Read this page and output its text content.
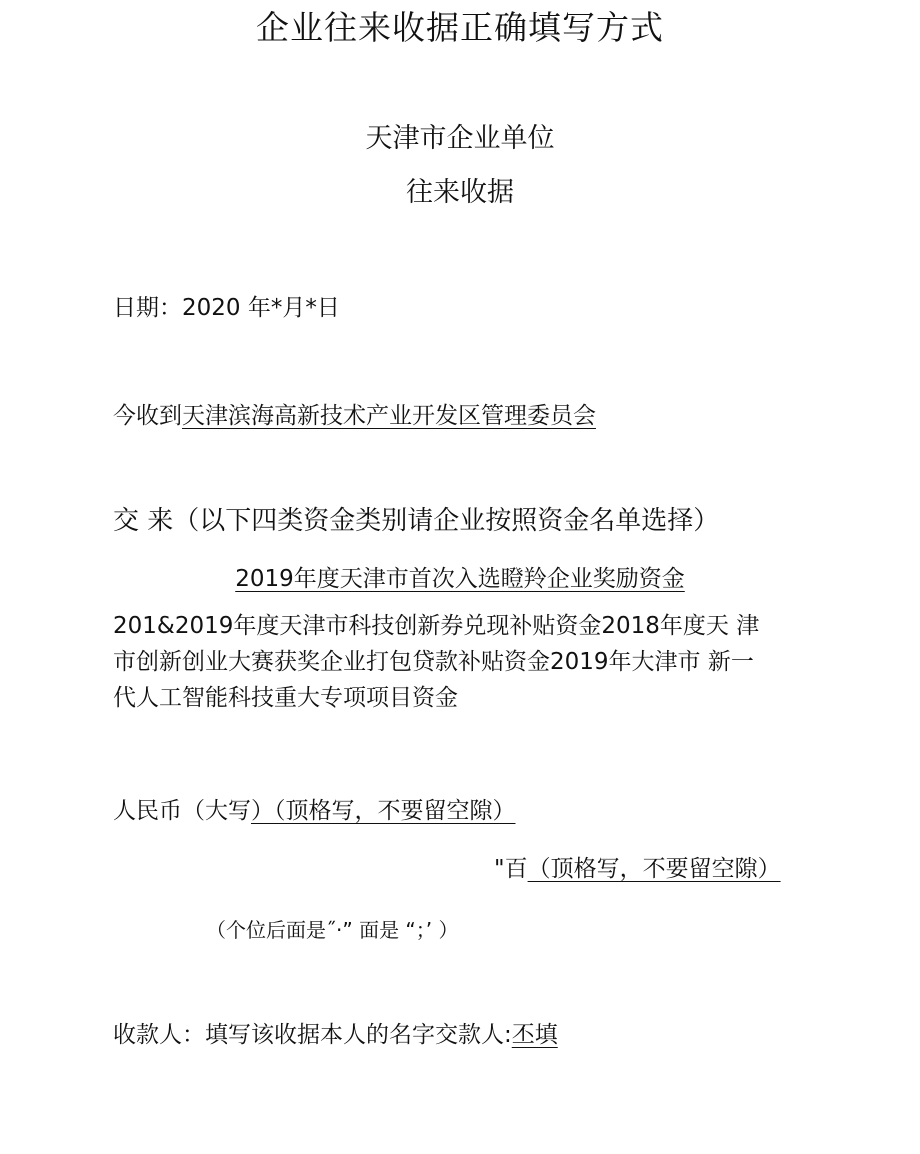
企业往来收据正确填写方式
天津市企业单位
往来收据
日期：2020 年*月*日
今收到天津滨海高新技术产业开发区管理委员会
交 来（以下四类资金类别请企业按照资金名单选择）
2019年度天津市首次入选瞪羚企业奖励资金
201&2019年度天津市科技创新券兑现补贴资金2018年度天 津
市创新创业大赛获奖企业打包贷款补贴资金2019年大津市 新一
代人工智能科技重大专项项目资金
人民币（大写）（顶格写，不要留空隙）
"百（顶格写，不要留空隙）
（个位后面是˝·” 面是 “；’ ）
收款人：填写该收据本人的名字交款人:丕填
